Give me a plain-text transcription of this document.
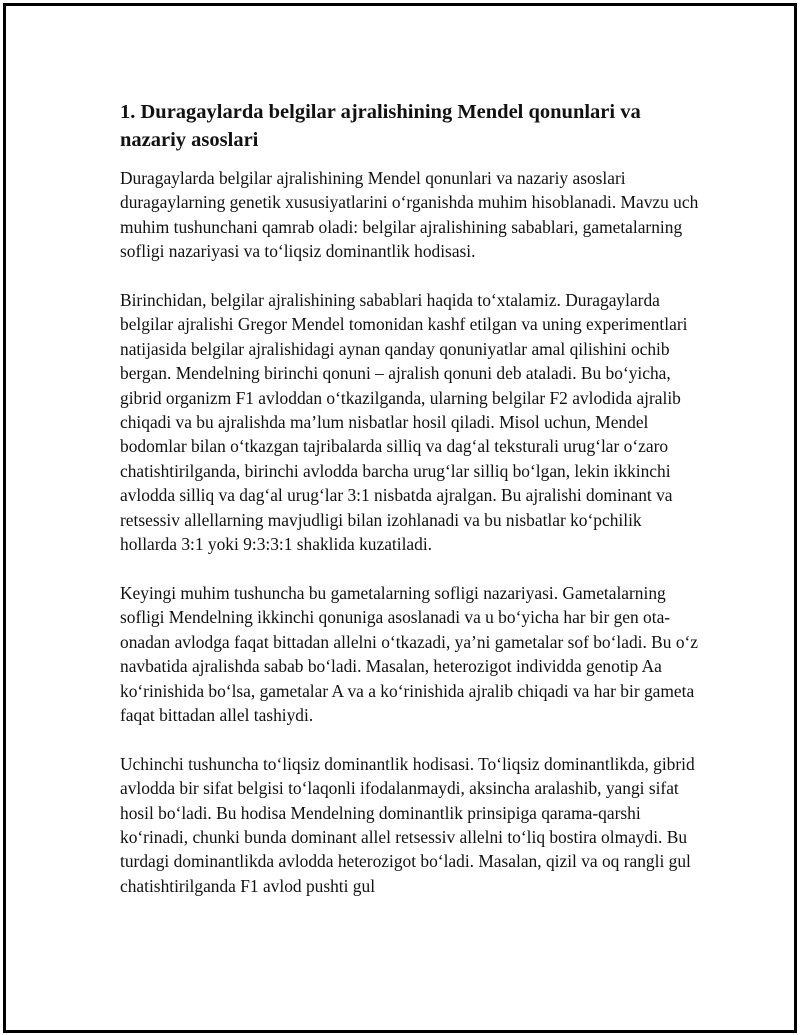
1. Duragaylarda belgilar ajralishining Mendel qonunlari va nazariy asoslari

Duragaylarda belgilar ajralishining Mendel qonunlari va nazariy asoslari duragaylarning genetik xususiyatlarini o‘rganishda muhim hisoblanadi. Mavzu uch muhim tushunchani qamrab oladi: belgilar ajralishining sabablari, gametalarning sofligi nazariyasi va to‘liqsiz dominantlik hodisasi.

Birinchidan, belgilar ajralishining sabablari haqida to‘xtalamiz. Duragaylarda belgilar ajralishi Gregor Mendel tomonidan kashf etilgan va uning experimentlari natijasida belgilar ajralishidagi aynan qanday qonuniyatlar amal qilishini ochib bergan. Mendelning birinchi qonuni – ajralish qonuni deb ataladi. Bu bo‘yicha, gibrid organizm F1 avloddan o‘tkazilganda, ularning belgilar F2 avlodida ajralib chiqadi va bu ajralishda ma’lum nisbatlar hosil qiladi. Misol uchun, Mendel bodomlar bilan o‘tkazgan tajribalarda silliq va dag‘al teksturali urug‘lar o‘zaro chatishtirilganda, birinchi avlodda barcha urug‘lar silliq bo‘lgan, lekin ikkinchi avlodda silliq va dag‘al urug‘lar 3:1 nisbatda ajralgan. Bu ajralishi dominant va retsessiv allellarning mavjudligi bilan izohlanadi va bu nisbatlar ko‘pchilik hollarda 3:1 yoki 9:3:3:1 shaklida kuzatiladi.

Keyingi muhim tushuncha bu gametalarning sofligi nazariyasi. Gametalarning sofligi Mendelning ikkinchi qonuniga asoslanadi va u bo‘yicha har bir gen ota-onadan avlodga faqat bittadan allelni o‘tkazadi, ya’ni gametalar sof bo‘ladi. Bu o‘z navbatida ajralishda sabab bo‘ladi. Masalan, heterozigot individda genotip Aa ko‘rinishida bo‘lsa, gametalar A va a ko‘rinishida ajralib chiqadi va har bir gameta faqat bittadan allel tashiydi.

Uchinchi tushuncha to‘liqsiz dominantlik hodisasi. To‘liqsiz dominantlikda, gibrid avlodda bir sifat belgisi to‘laqonli ifodalanmaydi, aksincha aralashib, yangi sifat hosil bo‘ladi. Bu hodisa Mendelning dominantlik prinsipiga qarama-qarshi ko‘rinadi, chunki bunda dominant allel retsessiv allelni to‘liq bostira olmaydi. Bu turdagi dominantlikda avlodda heterozigot bo‘ladi. Masalan, qizil va oq rangli gul chatishtirilganda F1 avlod pushti gul
